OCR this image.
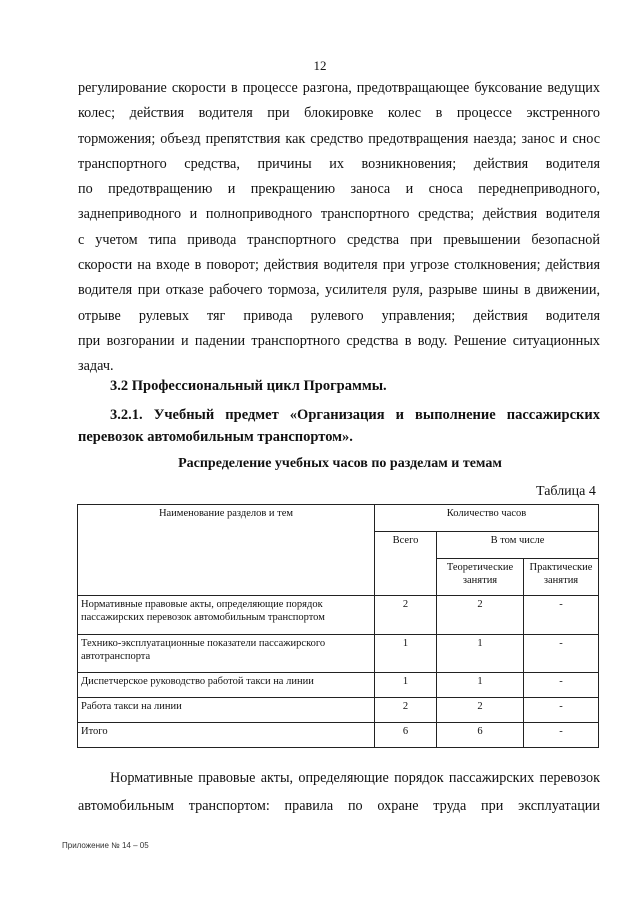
12
регулирование скорости в процессе разгона, предотвращающее буксование ведущих
колес; действия водителя при блокировке колес в процессе экстренного
торможения; объезд препятствия как средство предотвращения наезда; занос и снос
транспортного средства, причины их возникновения; действия водителя
по предотвращению и прекращению заноса и сноса переднеприводного,
заднеприводного и полноприводного транспортного средства; действия водителя
с учетом типа привода транспортного средства при превышении безопасной
скорости на входе в поворот; действия водителя при угрозе столкновения; действия
водителя при отказе рабочего тормоза, усилителя руля, разрыве шины в движении,
отрыве рулевых тяг привода рулевого управления; действия водителя
при возгорании и падении транспортного средства в воду. Решение ситуационных
задач.
3.2 Профессиональный цикл Программы.
3.2.1. Учебный предмет «Организация и выполнение пассажирских
перевозок автомобильным транспортом».
Распределение учебных часов по разделам и темам
Таблица 4
Наименование разделов и тем	Количество часов		
	Всего	В том числе	
		Теоретические занятия	Практические занятия
Нормативные правовые акты, определяющие порядок пассажирских перевозок автомобильным транспортом	2	2	-
Технико-эксплуатационные показатели пассажирского автотранспорта	1	1	-
Диспетчерское руководство работой такси на линии	1	1	-
Работа такси на линии	2	2	-
Итого	6	6	-
Нормативные правовые акты, определяющие порядок пассажирских перевозок
автомобильным транспортом: правила по охране труда при эксплуатации
Приложение № 14 – 05
